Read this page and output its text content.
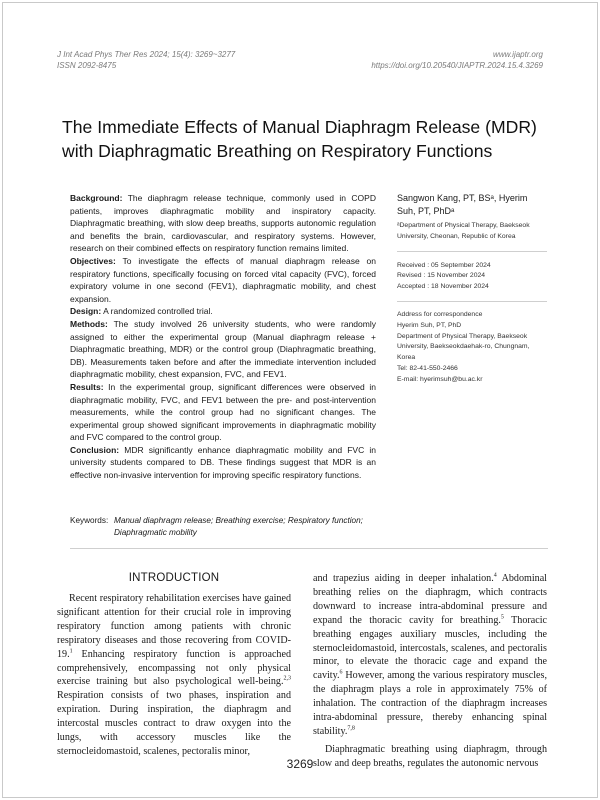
J Int Acad Phys Ther Res 2024; 15(4): 3269~3277
ISSN 2092-8475
www.ijaptr.org
https://doi.org/10.20540/JIAPTR.2024.15.4.3269
The Immediate Effects of Manual Diaphragm Release (MDR)
with Diaphragmatic Breathing on Respiratory Functions

Background: The diaphragm release technique, commonly used in COPD patients, improves diaphragmatic mobility and inspiratory capacity. Diaphragmatic breathing, with slow deep breaths, supports autonomic regulation and benefits the brain, cardiovascular, and respiratory systems. However, research on their combined effects on respiratory function remains limited.

Objectives: To investigate the effects of manual diaphragm release on respiratory functions, specifically focusing on forced vital capacity (FVC), forced expiratory volume in one second (FEV1), diaphragmatic mobility, and chest expansion.

Design: A randomized controlled trial.

Methods: The study involved 26 university students, who were randomly assigned to either the experimental group (Manual diaphragm release + Diaphragmatic breathing, MDR) or the control group (Diaphragmatic breathing, DB). Measurements taken before and after the immediate intervention included diaphragmatic mobility, chest expansion, FVC, and FEV1.

Results: In the experimental group, significant differences were observed in diaphragmatic mobility, FVC, and FEV1 between the pre- and post-intervention measurements, while the control group had no significant changes. The experimental group showed significant improvements in diaphragmatic mobility and FVC compared to the control group.

Conclusion: MDR significantly enhance diaphragmatic mobility and FVC in university students compared to DB. These findings suggest that MDR is an effective non-invasive intervention for improving specific respiratory functions.

Sangwon Kang, PT, BSᵃ, Hyerim Suh, PT, PhDᵃ
ᵃDepartment of Physical Therapy, Baekseok University, Cheonan, Republic of Korea
Received : 05 September 2024
Revised : 15 November 2024
Accepted : 18 November 2024
Address for correspondence
Hyerim Suh, PT, PhD
Department of Physical Therapy, Baekseok University, Baekseokdaehak-ro, Chungnam, Korea
Tel: 82-41-550-2466
E-mail: hyerimsuh@bu.ac.kr
Keywords: Manual diaphragm release; Breathing exercise; Respiratory function; Diaphragmatic mobility
INTRODUCTION

Recent respiratory rehabilitation exercises have gained significant attention for their crucial role in improving respiratory function among patients with chronic respiratory diseases and those recovering from COVID-19.$^1$ Enhancing respiratory function is approached comprehensively, encompassing not only physical exercise training but also psychological well-being.$^{2,3}$ Respiration consists of two phases, inspiration and expiration. During inspiration, the diaphragm and intercostal muscles contract to draw oxygen into the lungs, with accessory muscles like the sternocleidomastoid, scalenes, pectoralis minor,

and trapezius aiding in deeper inhalation.$^4$ Abdominal breathing relies on the diaphragm, which contracts downward to increase intra-abdominal pressure and expand the thoracic cavity for breathing.$^5$ Thoracic breathing engages auxiliary muscles, including the sternocleidomastoid, intercostals, scalenes, and pectoralis minor, to elevate the thoracic cage and expand the cavity.$^6$ However, among the various respiratory muscles, the diaphragm plays a role in approximately 75% of inhalation. The contraction of the diaphragm increases intra-abdominal pressure, thereby enhancing spinal stability.$^{7,8}$

Diaphragmatic breathing using diaphragm, through slow and deep breaths, regulates the autonomic nervous

3269
